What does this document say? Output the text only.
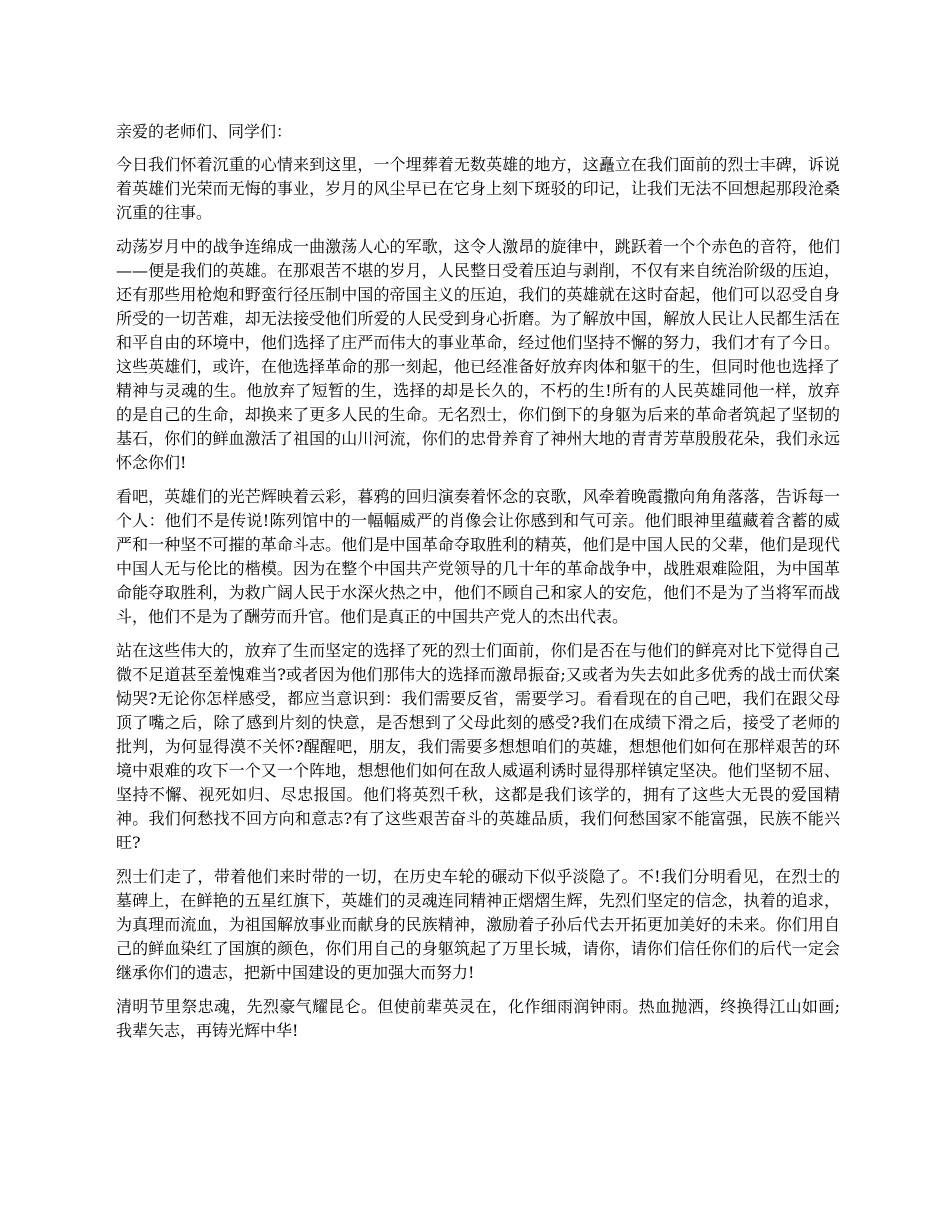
亲爱的老师们、同学们：

今日我们怀着沉重的心情来到这里，一个埋葬着无数英雄的地方，这矗立在我们面前的烈士丰碑，诉说着英雄们光荣而无悔的事业，岁月的风尘早已在它身上刻下斑驳的印记，让我们无法不回想起那段沧桑沉重的往事。

动荡岁月中的战争连绵成一曲激荡人心的军歌，这令人激昂的旋律中，跳跃着一个个赤色的音符，他们——便是我们的英雄。在那艰苦不堪的岁月，人民整日受着压迫与剥削，不仅有来自统治阶级的压迫，还有那些用枪炮和野蛮行径压制中国的帝国主义的压迫，我们的英雄就在这时奋起，他们可以忍受自身所受的一切苦难，却无法接受他们所爱的人民受到身心折磨。为了解放中国，解放人民让人民都生活在和平自由的环境中，他们选择了庄严而伟大的事业革命，经过他们坚持不懈的努力，我们才有了今日。这些英雄们，或许，在他选择革命的那一刻起，他已经准备好放弃肉体和躯干的生，但同时他也选择了精神与灵魂的生。他放弃了短暂的生，选择的却是长久的，不朽的生!所有的人民英雄同他一样，放弃的是自己的生命，却换来了更多人民的生命。无名烈士，你们倒下的身躯为后来的革命者筑起了坚韧的基石，你们的鲜血激活了祖国的山川河流，你们的忠骨养育了神州大地的青青芳草殷殷花朵，我们永远怀念你们!

看吧，英雄们的光芒辉映着云彩，暮鸦的回归演奏着怀念的哀歌，风牵着晚霞撒向角角落落，告诉每一个人：他们不是传说!陈列馆中的一幅幅威严的肖像会让你感到和气可亲。他们眼神里蕴藏着含蓄的威严和一种坚不可摧的革命斗志。他们是中国革命夺取胜利的精英，他们是中国人民的父辈，他们是现代中国人无与伦比的楷模。因为在整个中国共产党领导的几十年的革命战争中，战胜艰难险阻，为中国革命能夺取胜利，为救广阔人民于水深火热之中，他们不顾自己和家人的安危，他们不是为了当将军而战斗，他们不是为了酬劳而升官。他们是真正的中国共产党人的杰出代表。

站在这些伟大的，放弃了生而坚定的选择了死的烈士们面前，你们是否在与他们的鲜亮对比下觉得自己微不足道甚至羞愧难当?或者因为他们那伟大的选择而激昂振奋;又或者为失去如此多优秀的战士而伏案恸哭?无论你怎样感受，都应当意识到：我们需要反省，需要学习。看看现在的自己吧，我们在跟父母顶了嘴之后，除了感到片刻的快意，是否想到了父母此刻的感受?我们在成绩下滑之后，接受了老师的批判，为何显得漠不关怀?醒醒吧，朋友，我们需要多想想咱们的英雄，想想他们如何在那样艰苦的环境中艰难的攻下一个又一个阵地，想想他们如何在敌人威逼利诱时显得那样镇定坚决。他们坚韧不屈、坚持不懈、视死如归、尽忠报国。他们将英烈千秋，这都是我们该学的，拥有了这些大无畏的爱国精神。我们何愁找不回方向和意志?有了这些艰苦奋斗的英雄品质，我们何愁国家不能富强，民族不能兴旺?

烈士们走了，带着他们来时带的一切，在历史车轮的碾动下似乎淡隐了。不!我们分明看见，在烈士的墓碑上，在鲜艳的五星红旗下，英雄们的灵魂连同精神正熠熠生辉，先烈们坚定的信念，执着的追求，为真理而流血，为祖国解放事业而献身的民族精神，激励着子孙后代去开拓更加美好的未来。你们用自己的鲜血染红了国旗的颜色，你们用自己的身躯筑起了万里长城，请你，请你们信任你们的后代一定会继承你们的遗志，把新中国建设的更加强大而努力!

清明节里祭忠魂，先烈豪气耀昆仑。但使前辈英灵在，化作细雨润钟雨。热血抛洒，终换得江山如画;我辈矢志，再铸光辉中华!
